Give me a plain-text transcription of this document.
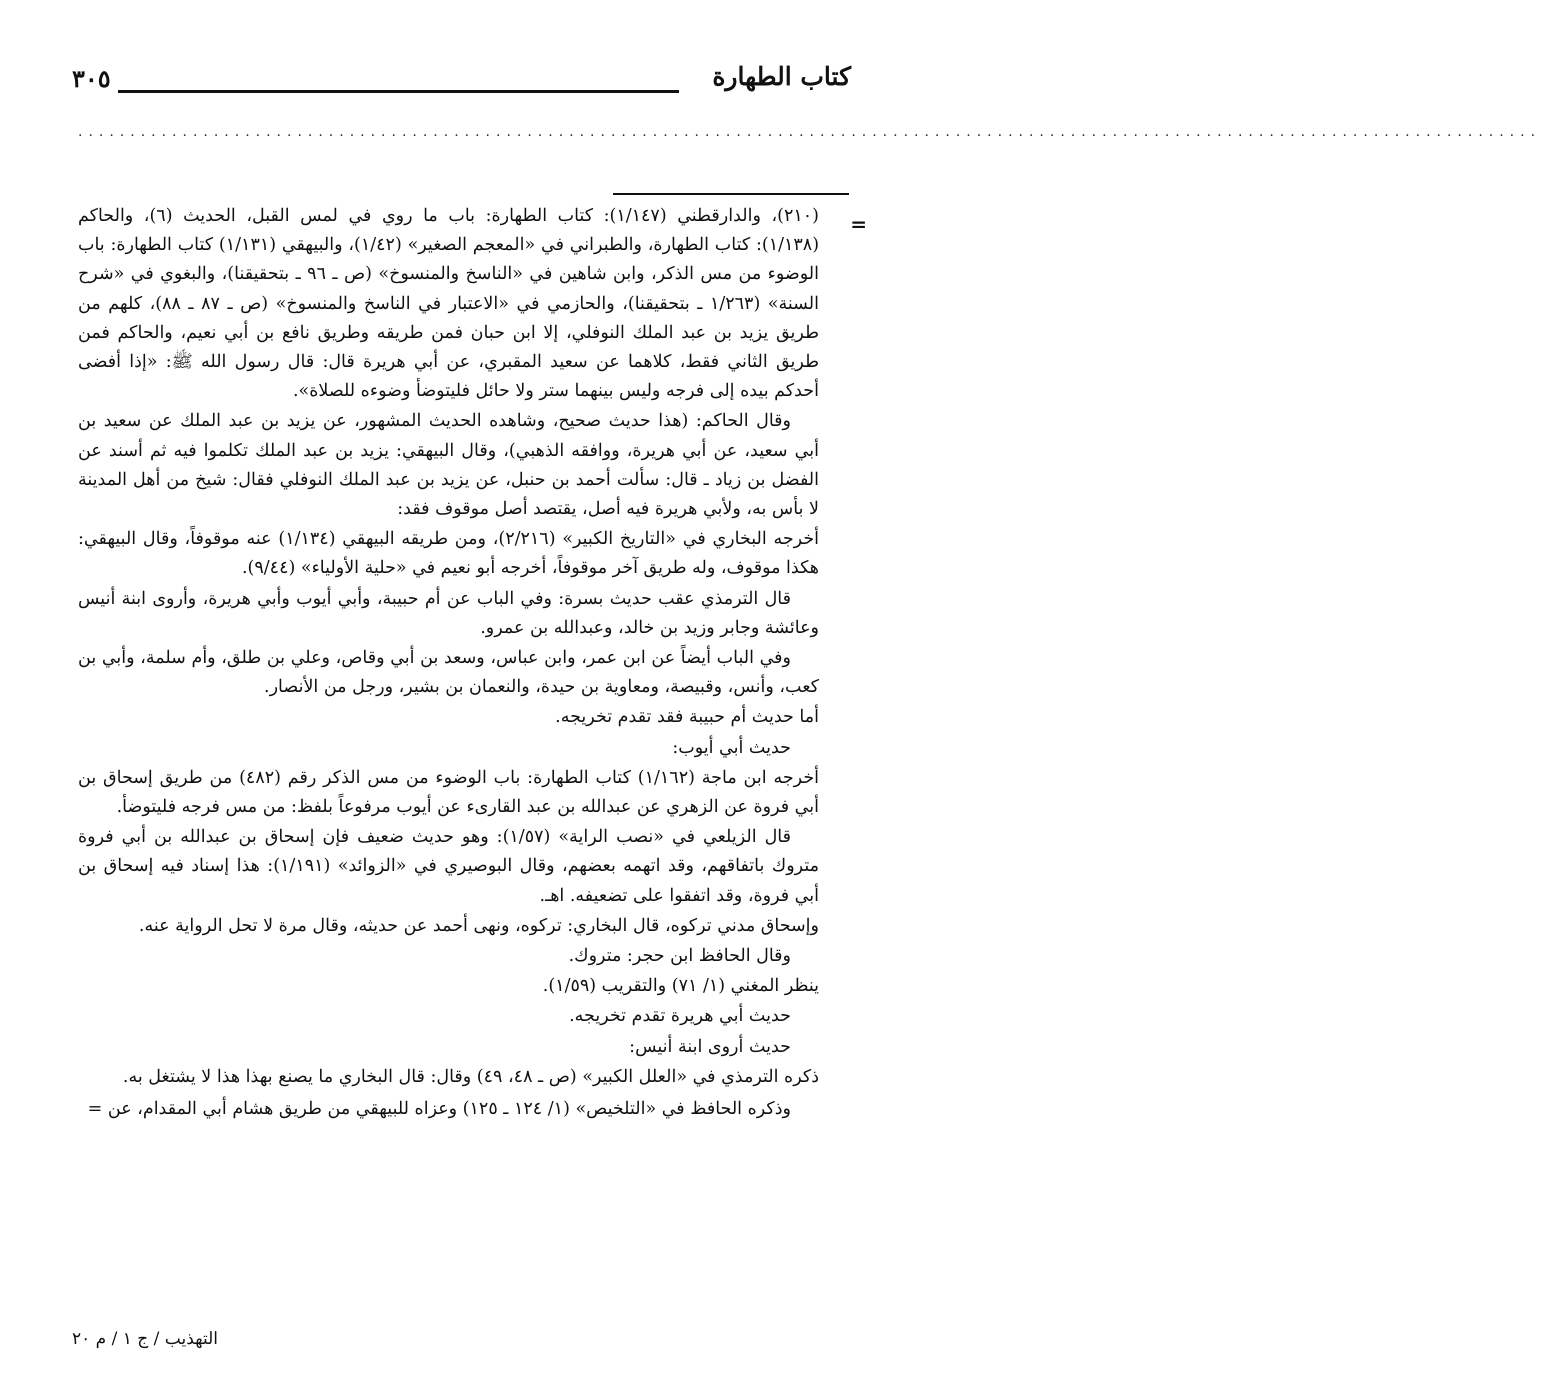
كتاب الطهارة
٣٠٥
............................................................................................................................................
=

(٢١٠)، والدارقطني (١/١٤٧): كتاب الطهارة: باب ما روي في لمس القبل، الحديث (٦)، والحاكم (١/١٣٨): كتاب الطهارة، والطبراني في «المعجم الصغير» (١/٤٢)، والبيهقي (١/١٣١) كتاب الطهارة: باب الوضوء من مس الذكر، وابن شاهين في «الناسخ والمنسوخ» (ص ـ ٩٦ ـ بتحقيقنا)، والبغوي في «شرح السنة» (١/٢٦٣ ـ بتحقيقنا)، والحازمي في «الاعتبار في الناسخ والمنسوخ» (ص ـ ٨٧ ـ ٨٨)، كلهم من طريق يزيد بن عبد الملك النوفلي، إلا ابن حبان فمن طريقه وطريق نافع بن أبي نعيم، والحاكم فمن طريق الثاني فقط، كلاهما عن سعيد المقبري، عن أبي هريرة قال: قال رسول الله ﷺ: «إذا أفضى أحدكم بيده إلى فرجه وليس بينهما ستر ولا حائل فليتوضأ وضوءه للصلاة».

وقال الحاكم: (هذا حديث صحيح، وشاهده الحديث المشهور، عن يزيد بن عبد الملك عن سعيد بن أبي سعيد، عن أبي هريرة، ووافقه الذهبي)، وقال البيهقي: يزيد بن عبد الملك تكلموا فيه ثم أسند عن الفضل بن زياد ـ قال: سألت أحمد بن حنبل، عن يزيد بن عبد الملك النوفلي فقال: شيخ من أهل المدينة لا بأس به، ولأبي هريرة فيه أصل، يقتصد أصل موقوف فقد:

أخرجه البخاري في «التاريخ الكبير» (٢/٢١٦)، ومن طريقه البيهقي (١/١٣٤) عنه موقوفاً، وقال البيهقي: هكذا موقوف، وله طريق آخر موقوفاً، أخرجه أبو نعيم في «حلية الأولياء» (٩/٤٤).

قال الترمذي عقب حديث بسرة: وفي الباب عن أم حبيبة، وأبي أيوب وأبي هريرة، وأروى ابنة أنيس وعائشة وجابر وزيد بن خالد، وعبدالله بن عمرو.

وفي الباب أيضاً عن ابن عمر، وابن عباس، وسعد بن أبي وقاص، وعلي بن طلق، وأم سلمة، وأبي بن كعب، وأنس، وقبيصة، ومعاوية بن حيدة، والنعمان بن بشير، ورجل من الأنصار.

أما حديث أم حبيبة فقد تقدم تخريجه.

حديث أبي أيوب:

أخرجه ابن ماجة (١/١٦٢) كتاب الطهارة: باب الوضوء من مس الذكر رقم (٤٨٢) من طريق إسحاق بن أبي فروة عن الزهري عن عبدالله بن عبد القارىء عن أيوب مرفوعاً بلفظ: من مس فرجه فليتوضأ.

قال الزيلعي في «نصب الراية» (١/٥٧): وهو حديث ضعيف فإن إسحاق بن عبدالله بن أبي فروة متروك باتفاقهم، وقد اتهمه بعضهم، وقال البوصيري في «الزوائد» (١/١٩١): هذا إسناد فيه إسحاق بن أبي فروة، وقد اتفقوا على تضعيفه. اهـ.

وإسحاق مدني تركوه، قال البخاري: تركوه، ونهى أحمد عن حديثه، وقال مرة لا تحل الرواية عنه.

وقال الحافظ ابن حجر: متروك.

ينظر المغني (١/ ٧١) والتقريب (١/٥٩).

حديث أبي هريرة تقدم تخريجه.

حديث أروى ابنة أنيس:

ذكره الترمذي في «العلل الكبير» (ص ـ ٤٨، ٤٩) وقال: قال البخاري ما يصنع بهذا هذا لا يشتغل به.

وذكره الحافظ في «التلخيص» (١/ ١٢٤ ـ ١٢٥) وعزاه للبيهقي من طريق هشام أبي المقدام، عن =

التهذيب / ج ١ / م ٢٠
